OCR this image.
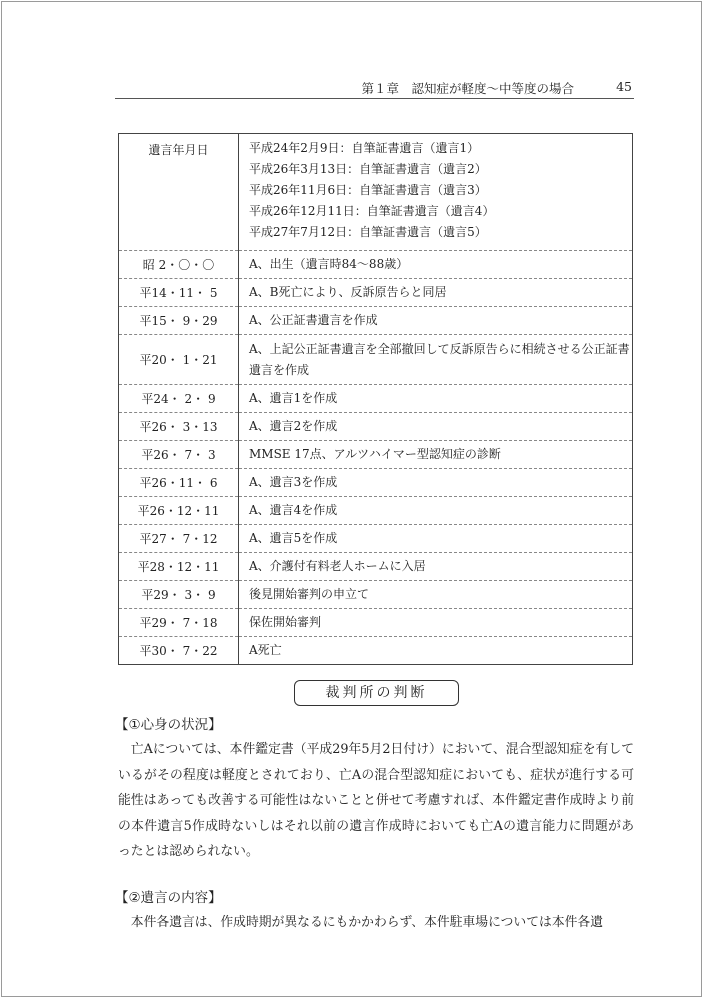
第１章　認知症が軽度～中等度の場合	45
遺言年月日	平成24年2月9日：自筆証書遺言（遺言1）
平成26年3月13日：自筆証書遺言（遺言2）
平成26年11月6日：自筆証書遺言（遺言3）
平成26年12月11日：自筆証書遺言（遺言4）
平成27年7月12日：自筆証書遺言（遺言5）

昭 2・〇・〇	A、出生（遺言時84～88歳）
平14・11・ 5	A、B死亡により、反訴原告らと同居
平15・ 9・29	A、公正証書遺言を作成
平20・ 1・21	A、上記公正証書遺言を全部撤回して反訴原告らに相続させる公正証書遺言を作成
平24・ 2・ 9	A、遺言1を作成
平26・ 3・13	A、遺言2を作成
平26・ 7・ 3	MMSE 17点、アルツハイマー型認知症の診断
平26・11・ 6	A、遺言3を作成
平26・12・11	A、遺言4を作成
平27・ 7・12	A、遺言5を作成
平28・12・11	A、介護付有料老人ホームに入居
平29・ 3・ 9	後見開始審判の申立て
平29・ 7・18	保佐開始審判
平30・ 7・22	A死亡
裁判所の判断
【①心身の状況】
亡Aについては、本件鑑定書（平成29年5月2日付け）において、混合型認知症を有しているがその程度は軽度とされており、亡Aの混合型認知症においても、症状が進行する可能性はあっても改善する可能性はないことと併せて考慮すれば、本件鑑定書作成時より前の本件遺言5作成時ないしはそれ以前の遺言作成時においても亡Aの遺言能力に問題があったとは認められない。
【②遺言の内容】
本件各遺言は、作成時期が異なるにもかかわらず、本件駐車場については本件各遺
